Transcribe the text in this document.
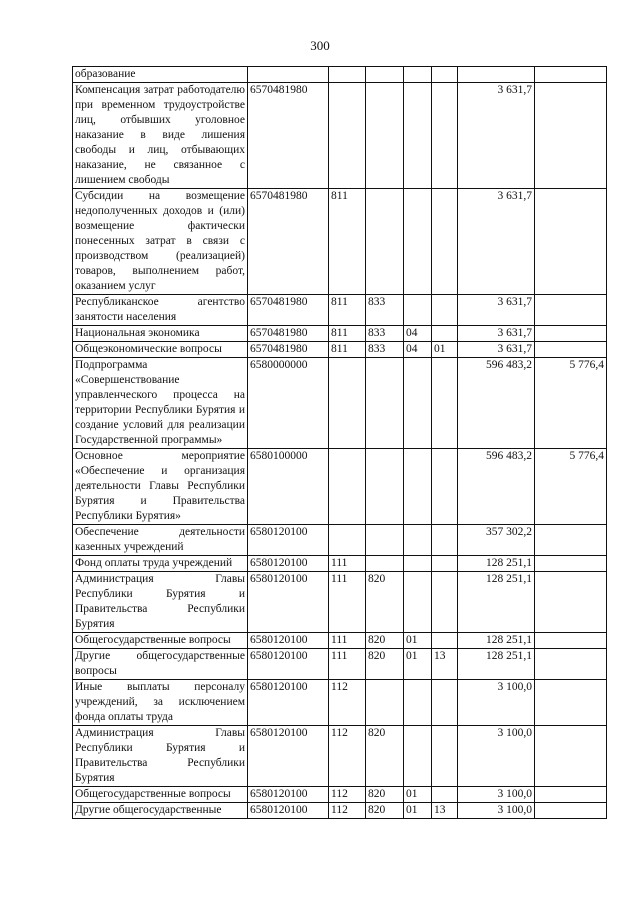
300
образование							
Компенсация затрат работодателю при временном трудоустройстве лиц, отбывших уголовное наказание в виде лишения свободы и лиц, отбывающих наказание, не связанное с лишением свободы	6570481980					3 631,7	
Субсидии на возмещение недополученных доходов и (или) возмещение фактически понесенных затрат в связи с производством (реализацией) товаров, выполнением работ, оказанием услуг	6570481980	811				3 631,7	
Республиканское агентство занятости населения	6570481980	811	833			3 631,7	
Национальная экономика	6570481980	811	833	04		3 631,7	
Общеэкономические вопросы	6570481980	811	833	04	01	3 631,7	
Подпрограмма «Совершенствование управленческого процесса на территории Республики Бурятия и создание условий для реализации Государственной программы»	6580000000					596 483,2	5 776,4
Основное мероприятие «Обеспечение и организация деятельности Главы Республики Бурятия и Правительства Республики Бурятия»	6580100000					596 483,2	5 776,4
Обеспечение деятельности казенных учреждений	6580120100					357 302,2	
Фонд оплаты труда учреждений	6580120100	111				128 251,1	
Администрация Главы Республики Бурятия и Правительства Республики Бурятия	6580120100	111	820			128 251,1	
Общегосударственные вопросы	6580120100	111	820	01		128 251,1	
Другие общегосударственные вопросы	6580120100	111	820	01	13	128 251,1	
Иные выплаты персоналу учреждений, за исключением фонда оплаты труда	6580120100	112				3 100,0	
Администрация Главы Республики Бурятия и Правительства Республики Бурятия	6580120100	112	820			3 100,0	
Общегосударственные вопросы	6580120100	112	820	01		3 100,0	
Другие общегосударственные	6580120100	112	820	01	13	3 100,0	
